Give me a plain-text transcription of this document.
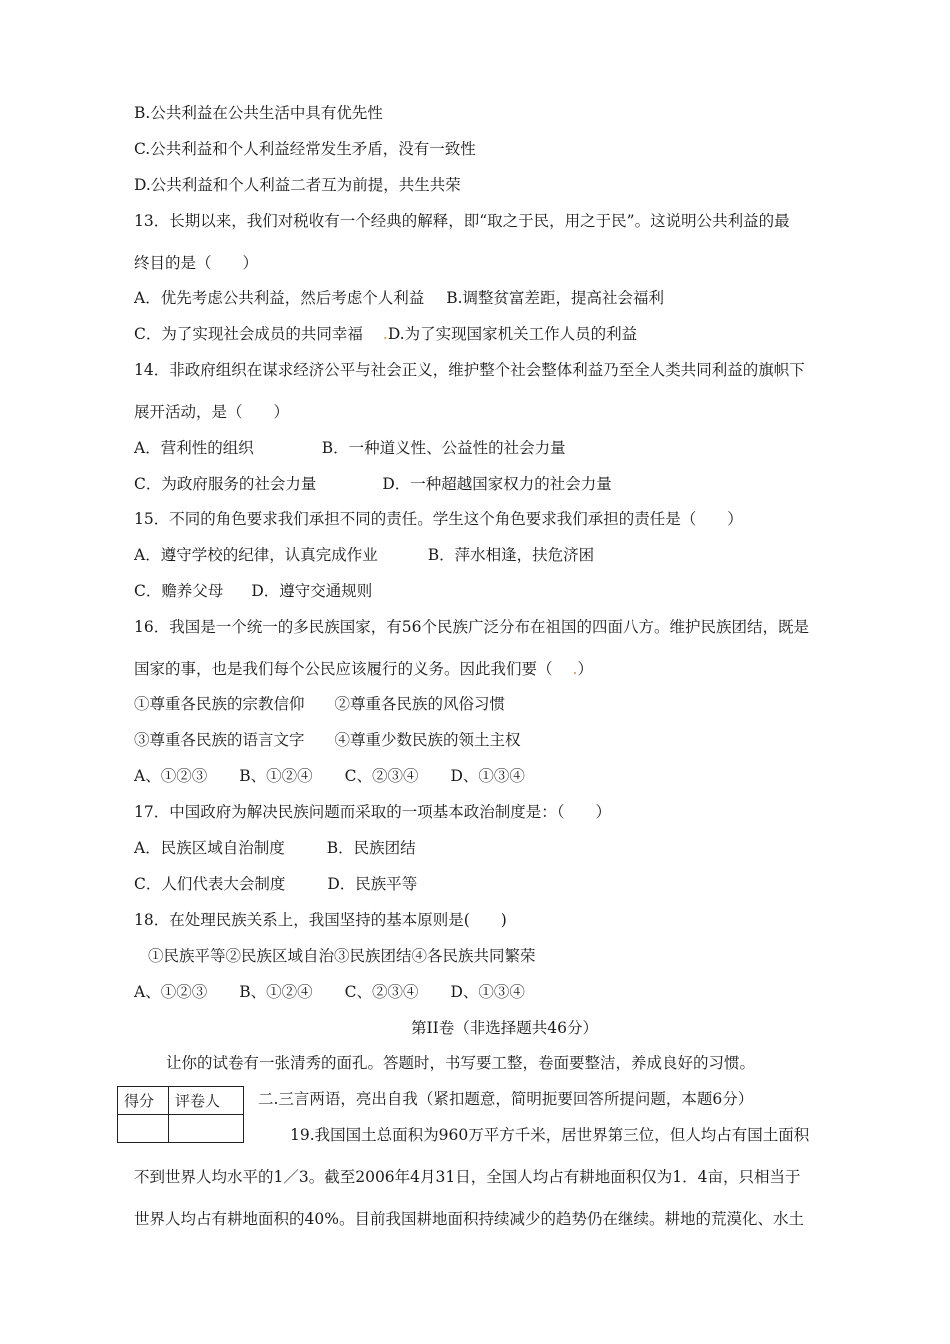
B.公共利益在公共生活中具有优先性
C.公共利益和个人利益经常发生矛盾，没有一致性
D.公共利益和个人利益二者互为前提，共生共荣
13．长期以来，我们对税收有一个经典的解释，即“取之于民，用之于民”。这说明公共利益的最
终目的是（　　）
A．优先考虑公共利益，然后考虑个人利益 B.调整贫富差距，提高社会福利
C．为了实现社会成员的共同幸福 .D.为了实现国家机关工作人员的利益
14．非政府组织在谋求经济公平与社会正义，维护整个社会整体利益乃至全人类共同利益的旗帜下
展开活动，是（　　）
A．营利性的组织	B．一种道义性、公益性的社会力量
C．为政府服务的社会力量	D．一种超越国家权力的社会力量
15．不同的角色要求我们承担不同的责任。学生这个角色要求我们承担的责任是（　　）
A．遵守学校的纪律，认真完成作业	B．萍水相逢，扶危济困
C．赡养父母 D．遵守交通规则
16．我国是一个统一的多民族国家，有56个民族广泛分布在祖国的四面八方。维护民族团结，既是
国家的事，也是我们每个公民应该履行的义务。因此我们要（ .）
①尊重各民族的宗教信仰 ②尊重各民族的风俗习惯
③尊重各民族的语言文字 ④尊重少数民族的领土主权
A、①②③ B、①②④ C、②③④ D、①③④
17．中国政府为解决民族问题而采取的一项基本政治制度是：（　　）
A．民族区域自治制度	B．民族团结
C．人们代表大会制度	D．民族平等
18．在处理民族关系上，我国坚持的基本原则是(　　)
①民族平等②民族区域自治③民族团结④各民族共同繁荣
A、①②③ B、①②④ C、②③④ D、①③④
第II卷（非选择题共46分）
让你的试卷有一张清秀的面孔。答题时，书写要工整，卷面要整洁，养成良好的习惯。
得分	评卷人
	二.三言两语，亮出自我（紧扣题意，简明扼要回答所提问题，本题6分）
19.我国国土总面积为960万平方千米，居世界第三位，但人均占有国土面积
不到世界人均水平的1／3。截至2006年4月31日，全国人均占有耕地面积仅为1．4亩，只相当于
世界人均占有耕地面积的40%。目前我国耕地面积持续减少的趋势仍在继续。耕地的荒漠化、水土
